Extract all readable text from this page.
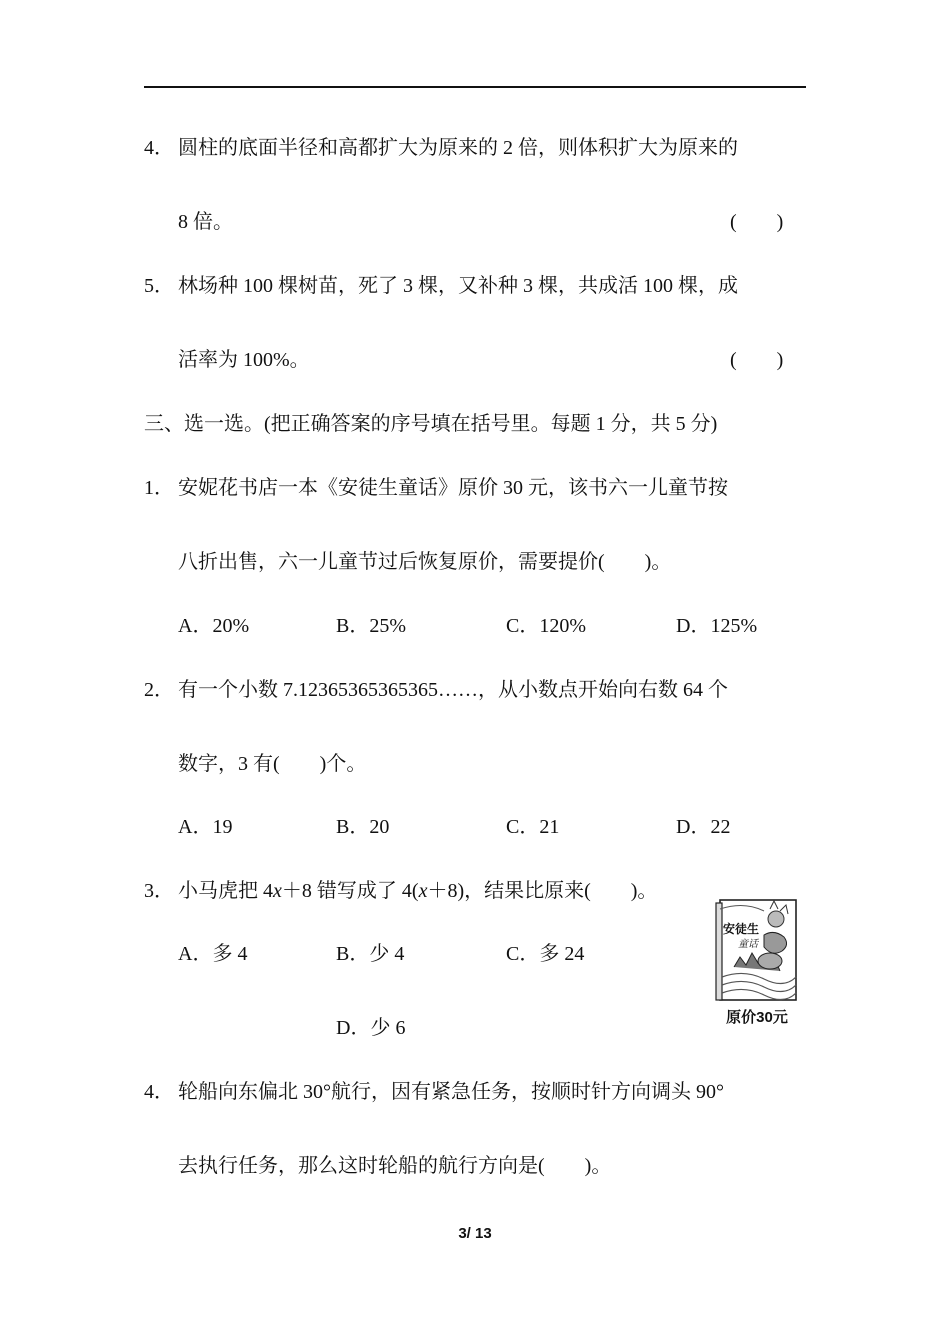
4． 圆柱的底面半径和高都扩大为原来的 2 倍，则体积扩大为原来的
8 倍。	(　　)
5． 林场种 100 棵树苗，死了 3 棵，又补种 3 棵，共成活 100 棵，成
活率为 100%。	(　　)
三、选一选。(把正确答案的序号填在括号里。每题 1 分，共 5 分)
1． 安妮花书店一本《安徒生童话》原价 30 元，该书六一儿童节按
八折出售，六一儿童节过后恢复原价，需要提价(　　)。
A．20%	B．25%	C．120%	D．125%
2． 有一个小数 7.12365365365365……，从小数点开始向右数 64 个
数字，3 有(　　)个。
A．19	B．20	C．21	D．22
3． 小马虎把 4x＋8 错写成了 4(x＋8)，结果比原来(　　)。
A．多 4	B．少 4	C．多 24
D．少 6
安徒生
童话
原价30元
4． 轮船向东偏北 30°航行，因有紧急任务，按顺时针方向调头 90°
去执行任务，那么这时轮船的航行方向是(　　)。
3/ 13
